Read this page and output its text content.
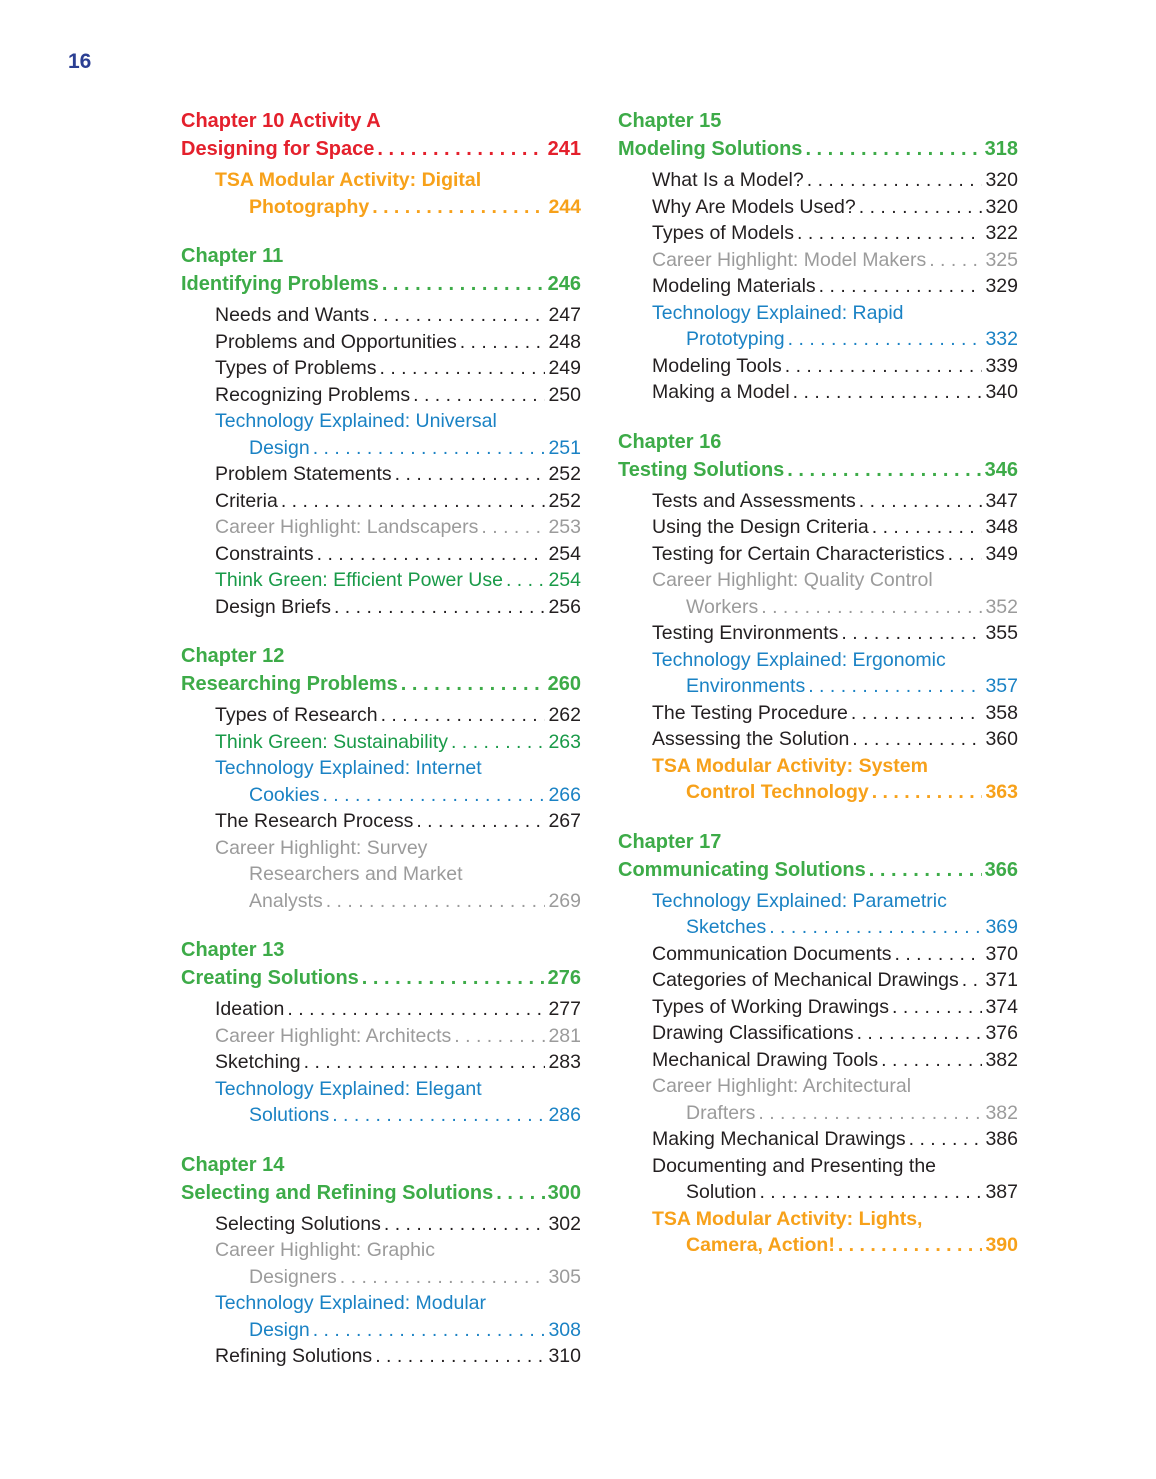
16
Chapter 10 Activity A
Designing for Space . . .	241
TSA Modular Activity: Digital
Photography . . .	244
Chapter 11
Identifying Problems . . .	246
Needs and Wants . . .	247
Problems and Opportunities . . .	248
Types of Problems . . .	249
Recognizing Problems . . .	250
Technology Explained: Universal
Design . . .	251
Problem Statements . . .	252
Criteria . . .	252
Career Highlight: Landscapers . . .	253
Constraints . . .	254
Think Green: Efficient Power Use . . . 254
Design Briefs . . .	256
Chapter 12
Researching Problems . . .	260
Types of Research . . .	262
Think Green: Sustainability . . .	263
Technology Explained: Internet
Cookies . . .	266
The Research Process . . .	267
Career Highlight: Survey
Researchers and Market
Analysts . . .	269
Chapter 13
Creating Solutions . . .	276
Ideation . . .	277
Career Highlight: Architects . . .	281
Sketching . . .	283
Technology Explained: Elegant
Solutions . . .	286
Chapter 14
Selecting and Refining Solutions . . .	300
Selecting Solutions . . .	302
Career Highlight: Graphic
Designers . . .	305
Technology Explained: Modular
Design . . .	308
Refining Solutions . . .	310
Chapter 15
Modeling Solutions . . .	318
What Is a Model? . . .	320
Why Are Models Used? . . .	320
Types of Models . . .	322
Career Highlight: Model Makers . . .	325
Modeling Materials . . .	329
Technology Explained: Rapid
Prototyping . . .	332
Modeling Tools . . .	339
Making a Model . . .	340
Chapter 16
Testing Solutions . . .	346
Tests and Assessments . . .	347
Using the Design Criteria . . .	348
Testing for Certain Characteristics . . . 349
Career Highlight: Quality Control
Workers . . .	352
Testing Environments . . .	355
Technology Explained: Ergonomic
Environments . . .	357
The Testing Procedure . . .	358
Assessing the Solution . . .	360
TSA Modular Activity: System
Control Technology . . .	363
Chapter 17
Communicating Solutions . . .	366
Technology Explained: Parametric
Sketches . . .	369
Communication Documents . . .	370
Categories of Mechanical Drawings . . . 371
Types of Working Drawings . . .	374
Drawing Classifications . . .	376
Mechanical Drawing Tools . . .	382
Career Highlight: Architectural
Drafters . . .	382
Making Mechanical Drawings . . .	386
Documenting and Presenting the
Solution . . .	387
TSA Modular Activity: Lights,
Camera, Action! . . .	390
